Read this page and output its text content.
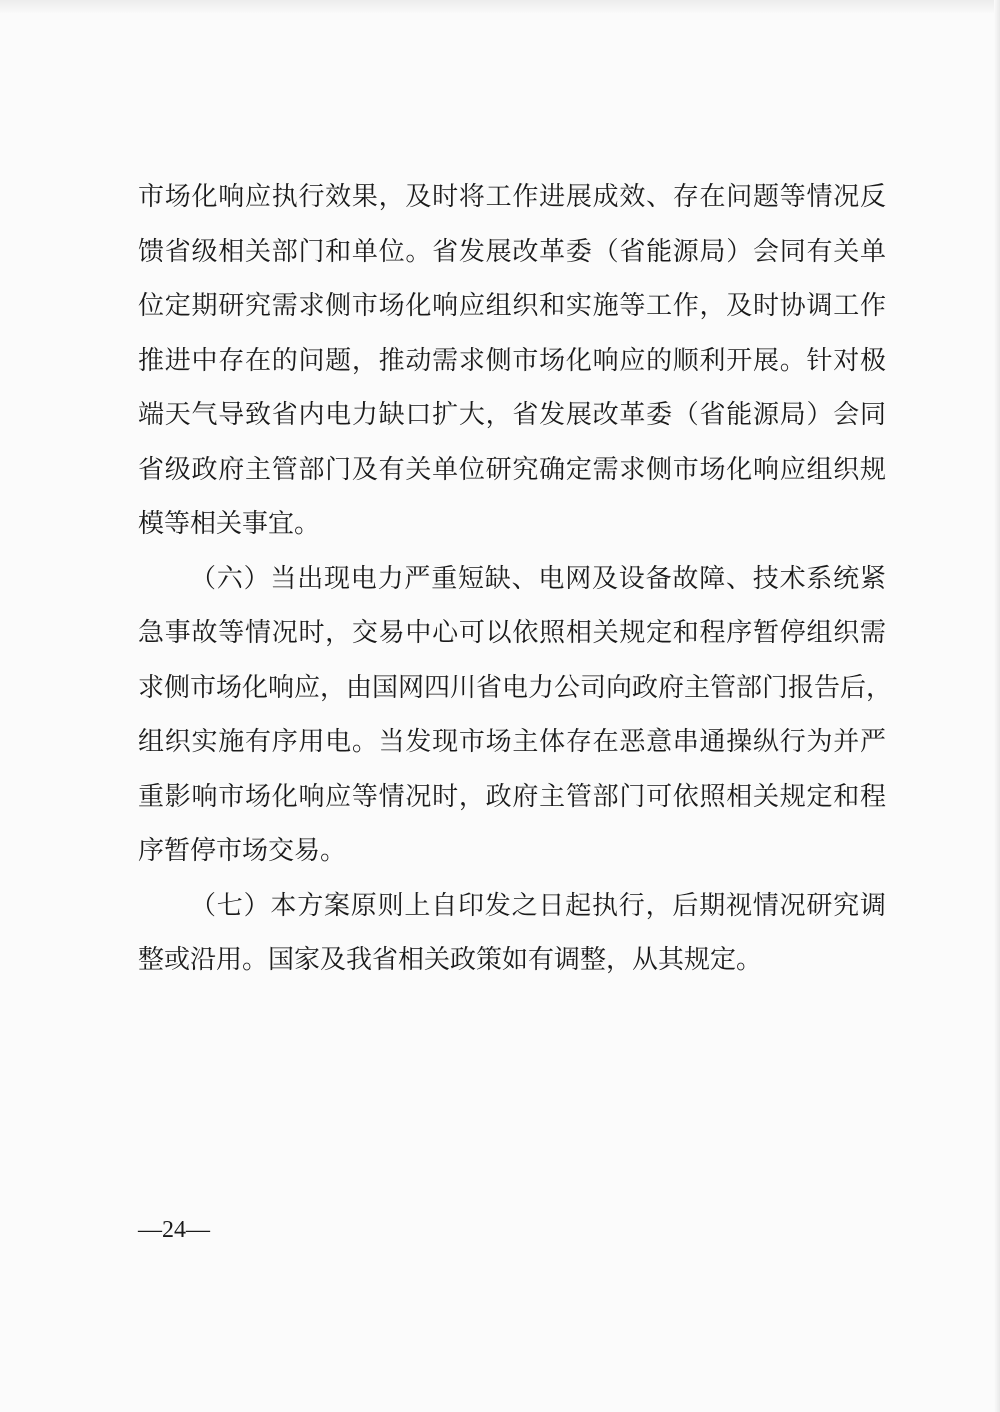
市场化响应执行效果，及时将工作进展成效、存在问题等情况反
馈省级相关部门和单位。省发展改革委（省能源局）会同有关单
位定期研究需求侧市场化响应组织和实施等工作，及时协调工作
推进中存在的问题，推动需求侧市场化响应的顺利开展。针对极
端天气导致省内电力缺口扩大，省发展改革委（省能源局）会同
省级政府主管部门及有关单位研究确定需求侧市场化响应组织规
模等相关事宜。
（六）当出现电力严重短缺、电网及设备故障、技术系统紧
急事故等情况时，交易中心可以依照相关规定和程序暂停组织需
求侧市场化响应，由国网四川省电力公司向政府主管部门报告后，
组织实施有序用电。当发现市场主体存在恶意串通操纵行为并严
重影响市场化响应等情况时，政府主管部门可依照相关规定和程
序暂停市场交易。
（七）本方案原则上自印发之日起执行，后期视情况研究调
整或沿用。国家及我省相关政策如有调整，从其规定。
—24—
